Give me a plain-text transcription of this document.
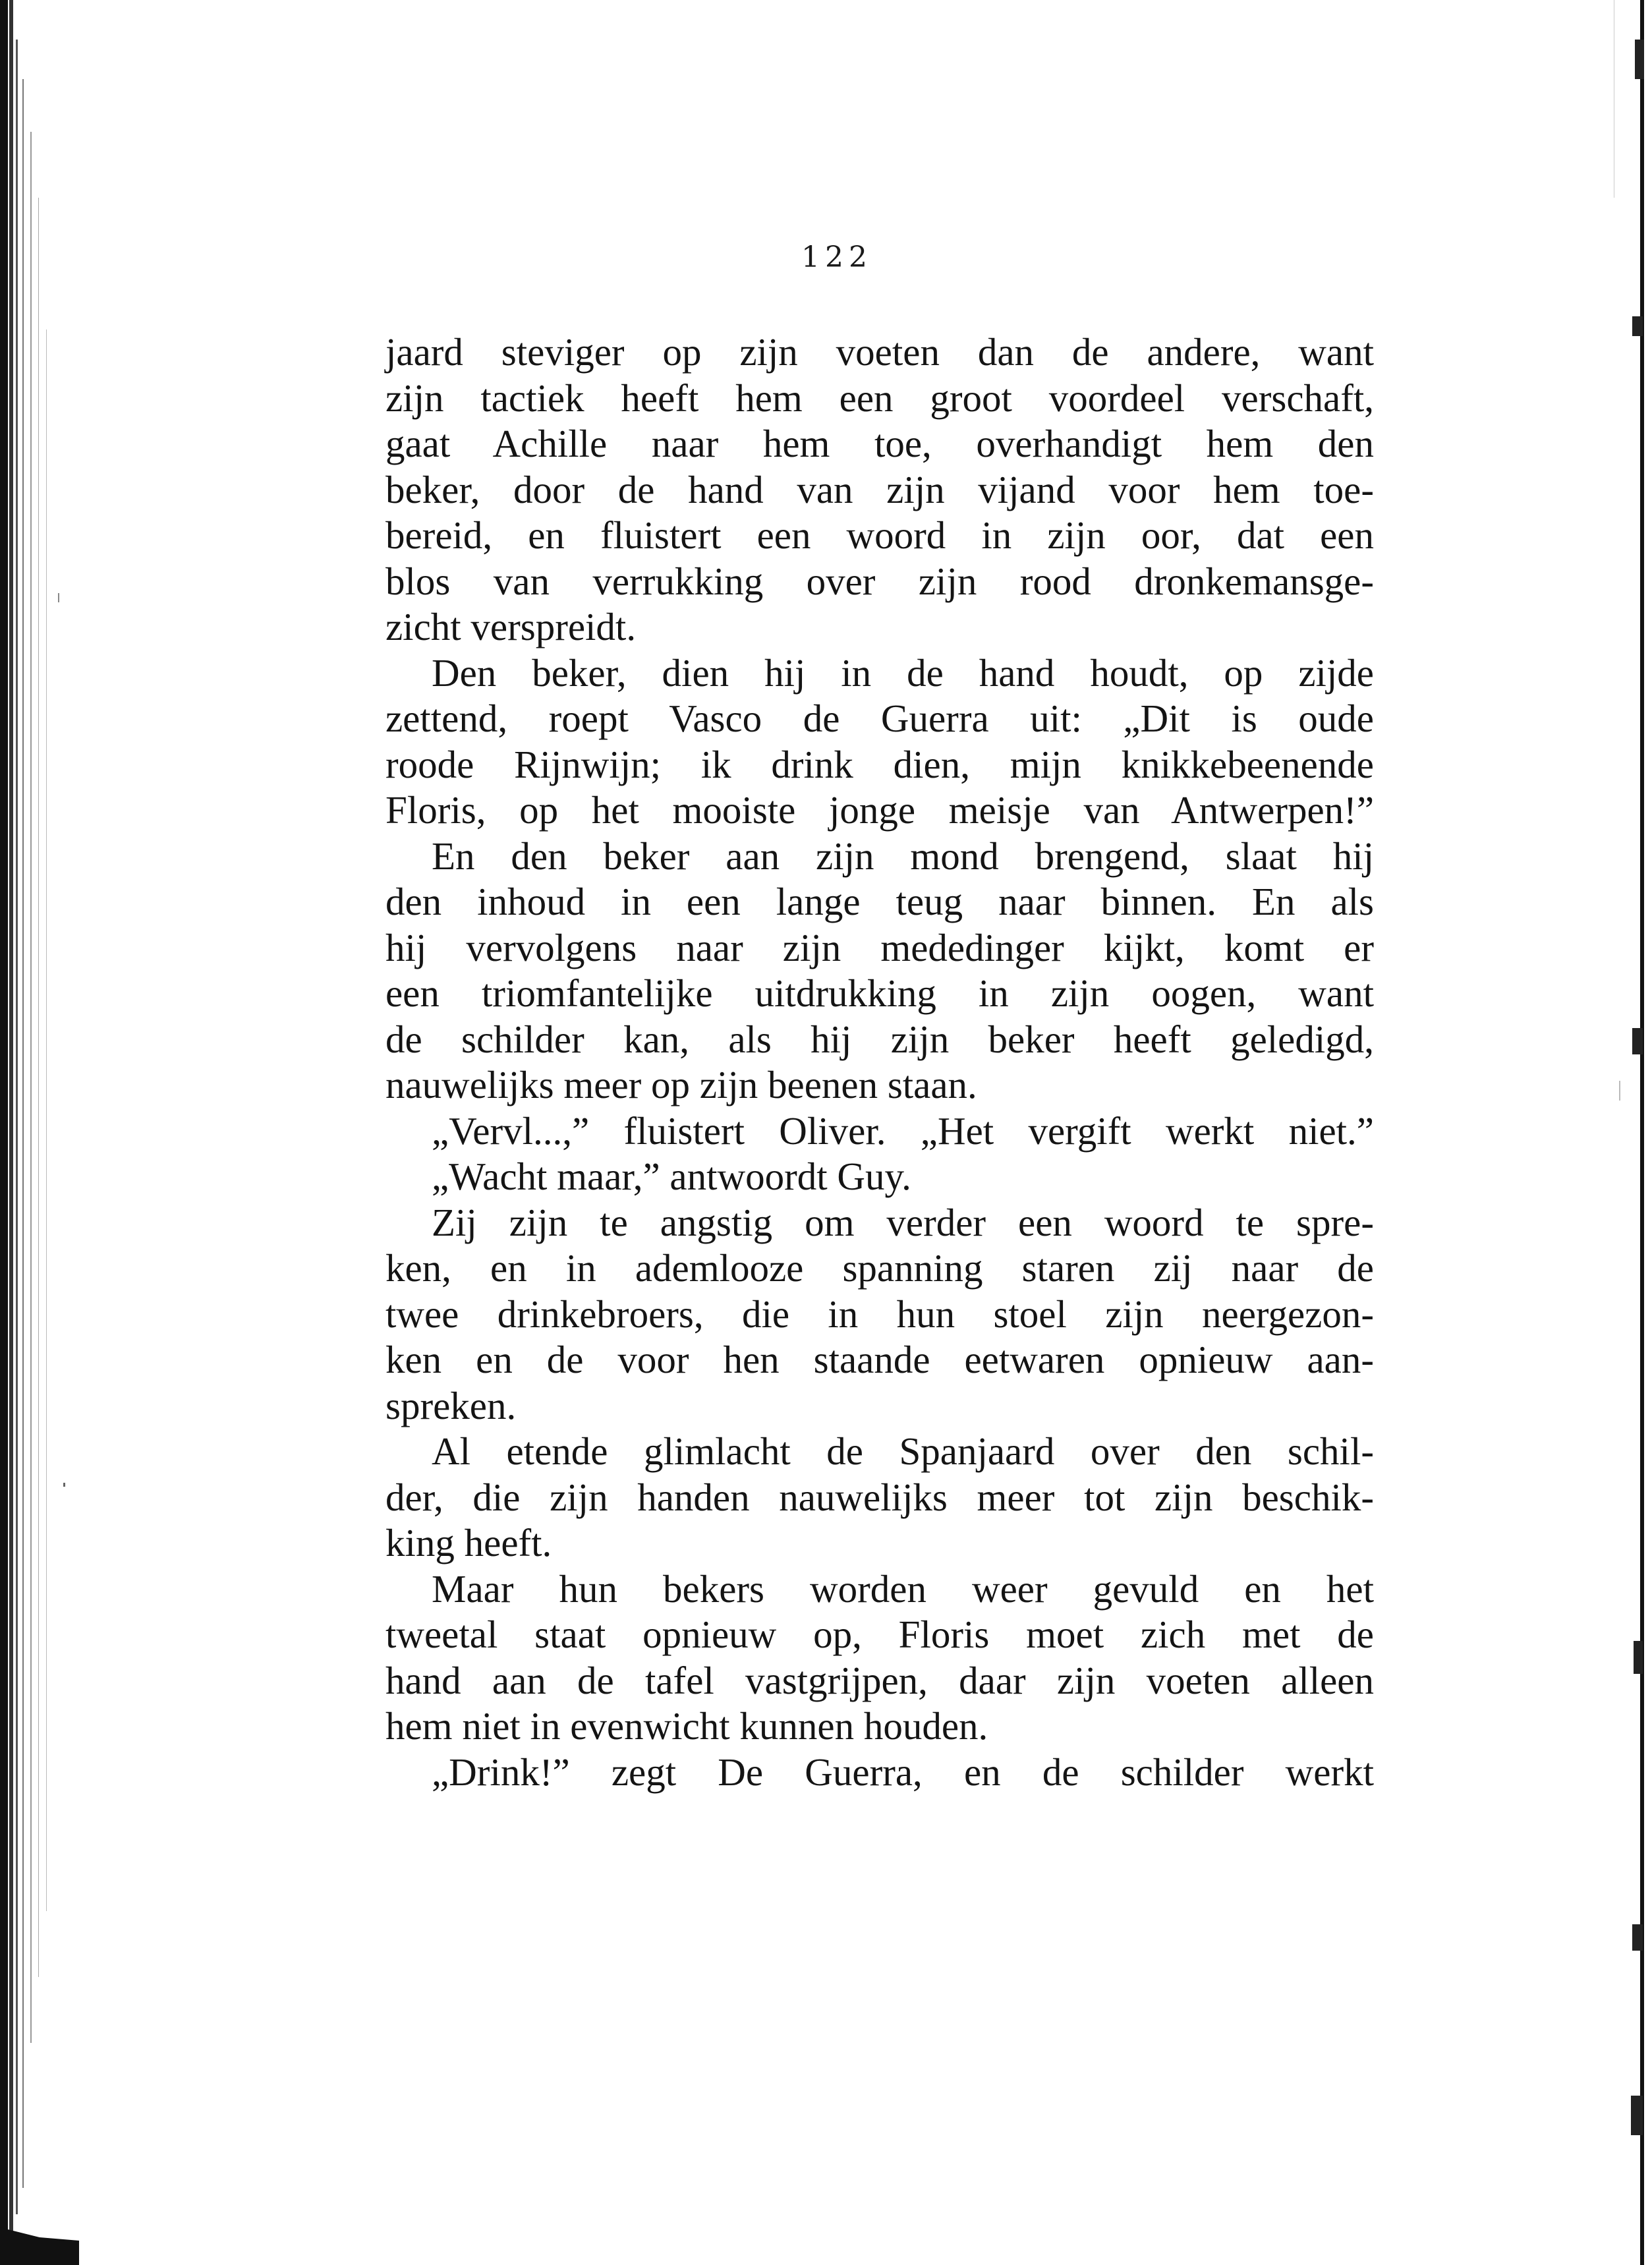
122
jaard steviger op zijn voeten dan de andere, want
zijn tactiek heeft hem een groot voordeel verschaft,
gaat Achille naar hem toe, overhandigt hem den
beker, door de hand van zijn vijand voor hem toe-
bereid, en fluistert een woord in zijn oor, dat een
blos van verrukking over zijn rood dronkemansge-
zicht verspreidt.
Den beker, dien hij in de hand houdt, op zijde
zettend, roept Vasco de Guerra uit: „Dit is oude
roode Rijnwijn; ik drink dien, mijn knikkebeenende
Floris, op het mooiste jonge meisje van Antwerpen!”
En den beker aan zijn mond brengend, slaat hij
den inhoud in een lange teug naar binnen. En als
hij vervolgens naar zijn mededinger kijkt, komt er
een triomfantelijke uitdrukking in zijn oogen, want
de schilder kan, als hij zijn beker heeft geledigd,
nauwelijks meer op zijn beenen staan.
„Vervl...,” fluistert Oliver. „Het vergift werkt niet.”
„Wacht maar,” antwoordt Guy.
Zij zijn te angstig om verder een woord te spre-
ken, en in ademlooze spanning staren zij naar de
twee drinkebroers, die in hun stoel zijn neergezon-
ken en de voor hen staande eetwaren opnieuw aan-
spreken.
Al etende glimlacht de Spanjaard over den schil-
der, die zijn handen nauwelijks meer tot zijn beschik-
king heeft.
Maar hun bekers worden weer gevuld en het
tweetal staat opnieuw op, Floris moet zich met de
hand aan de tafel vastgrijpen, daar zijn voeten alleen
hem niet in evenwicht kunnen houden.
„Drink!” zegt De Guerra, en de schilder werkt
